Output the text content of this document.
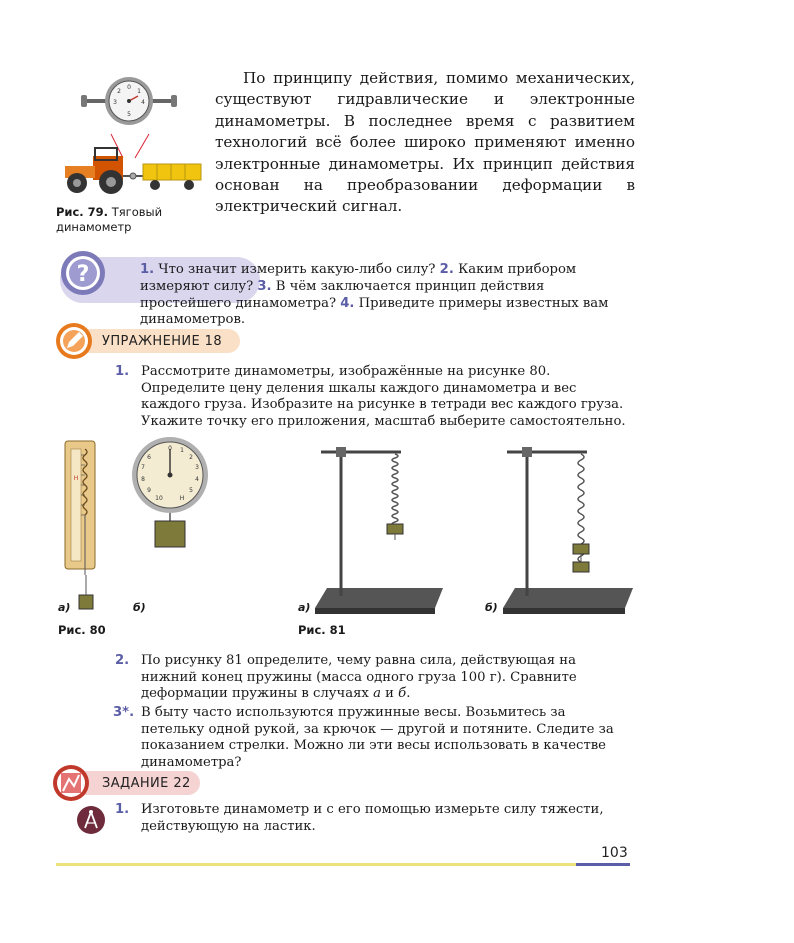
0
1
2
3	4
5
Рис. 79. Тяговый динамометр

По принципу действия, помимо механических, существуют гидравлические и электронные динамометры. В последнее время с развитием технологий всё более широко применяют именно электронные динамометры. Их принцип действия основан на преобразовании деформации в электрический сигнал.

?	1. Что значит измерить какую-либо силу? 2. Каким прибором измеряют силу? 3. В чём заключается принцип действия простейшего динамометра? 4. Приведите примеры известных вам динамометров.
УПРАЖНЕНИЕ 18
1. Рассмотрите динамометры, изображённые на рисунке 80. Определите цену деления шкалы каждого динамометра и вес каждого груза. Изобразите на рисунке в тетради вес каждого груза. Укажите точку его приложения, масштаб выберите самостоятельно.
Н
0 1
2
3
4
5
6
7
8
9
10	Н
а)	б)
Рис. 80
а)	б)
Рис. 81
2. По рисунку 81 определите, чему равна сила, действующая на нижний конец пружины (масса одного груза 100 г). Сравните деформации пружины в случаях а и б.
3*. В быту часто используются пружинные весы. Возьмитесь за петельку одной рукой, за крючок — другой и потяните. Следите за показанием стрелки. Можно ли эти весы использовать в качестве динамометра?
ЗАДАНИЕ 22
1. Изготовьте динамометр и с его помощью измерьте силу тяжести, действующую на ластик.
103
